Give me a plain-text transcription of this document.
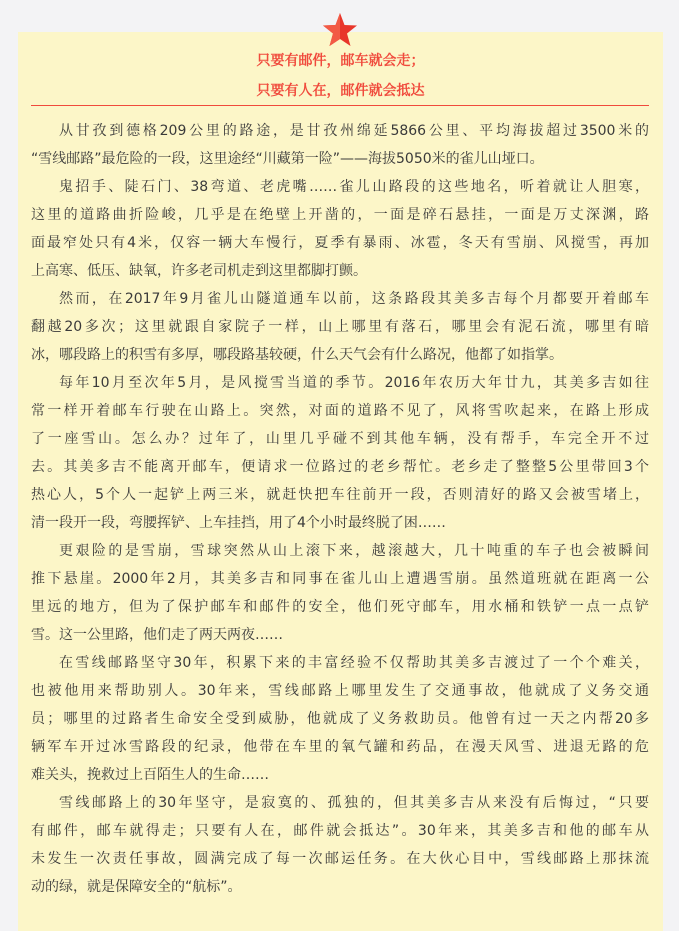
只要有邮件，邮车就会走；
只要有人在，邮件就会抵达
从甘孜到德格209公里的路途，是甘孜州绵延5866公里、平均海拔超过3500米的
“雪线邮路”最危险的一段，这里途经“川藏第一险”——海拔5050米的雀儿山垭口。
鬼招手、陡石门、38弯道、老虎嘴……雀儿山路段的这些地名，听着就让人胆寒，
这里的道路曲折险峻，几乎是在绝壁上开凿的，一面是碎石悬挂，一面是万丈深渊，路
面最窄处只有4米，仅容一辆大车慢行，夏季有暴雨、冰雹，冬天有雪崩、风搅雪，再加
上高寒、低压、缺氧，许多老司机走到这里都脚打颤。
然而，在2017年9月雀儿山隧道通车以前，这条路段其美多吉每个月都要开着邮车
翻越20多次；这里就跟自家院子一样，山上哪里有落石，哪里会有泥石流，哪里有暗
冰，哪段路上的积雪有多厚，哪段路基较硬，什么天气会有什么路况，他都了如指掌。
每年10月至次年5月，是风搅雪当道的季节。2016年农历大年廿九，其美多吉如往
常一样开着邮车行驶在山路上。突然，对面的道路不见了，风将雪吹起来，在路上形成
了一座雪山。怎么办？过年了，山里几乎碰不到其他车辆，没有帮手，车完全开不过
去。其美多吉不能离开邮车，便请求一位路过的老乡帮忙。老乡走了整整5公里带回3个
热心人，5个人一起铲上两三米，就赶快把车往前开一段，否则清好的路又会被雪堵上，
清一段开一段，弯腰挥铲、上车挂挡，用了4个小时最终脱了困……
更艰险的是雪崩，雪球突然从山上滚下来，越滚越大，几十吨重的车子也会被瞬间
推下悬崖。2000年2月，其美多吉和同事在雀儿山上遭遇雪崩。虽然道班就在距离一公
里远的地方，但为了保护邮车和邮件的安全，他们死守邮车，用水桶和铁铲一点一点铲
雪。这一公里路，他们走了两天两夜……
在雪线邮路坚守30年，积累下来的丰富经验不仅帮助其美多吉渡过了一个个难关，
也被他用来帮助别人。30年来，雪线邮路上哪里发生了交通事故，他就成了义务交通
员；哪里的过路者生命安全受到威胁，他就成了义务救助员。他曾有过一天之内帮20多
辆军车开过冰雪路段的纪录，他带在车里的氧气罐和药品，在漫天风雪、进退无路的危
难关头，挽救过上百陌生人的生命……
雪线邮路上的30年坚守，是寂寞的、孤独的，但其美多吉从来没有后悔过，“只要
有邮件，邮车就得走；只要有人在，邮件就会抵达”。30年来，其美多吉和他的邮车从
未发生一次责任事故，圆满完成了每一次邮运任务。在大伙心目中，雪线邮路上那抹流
动的绿，就是保障安全的“航标”。
